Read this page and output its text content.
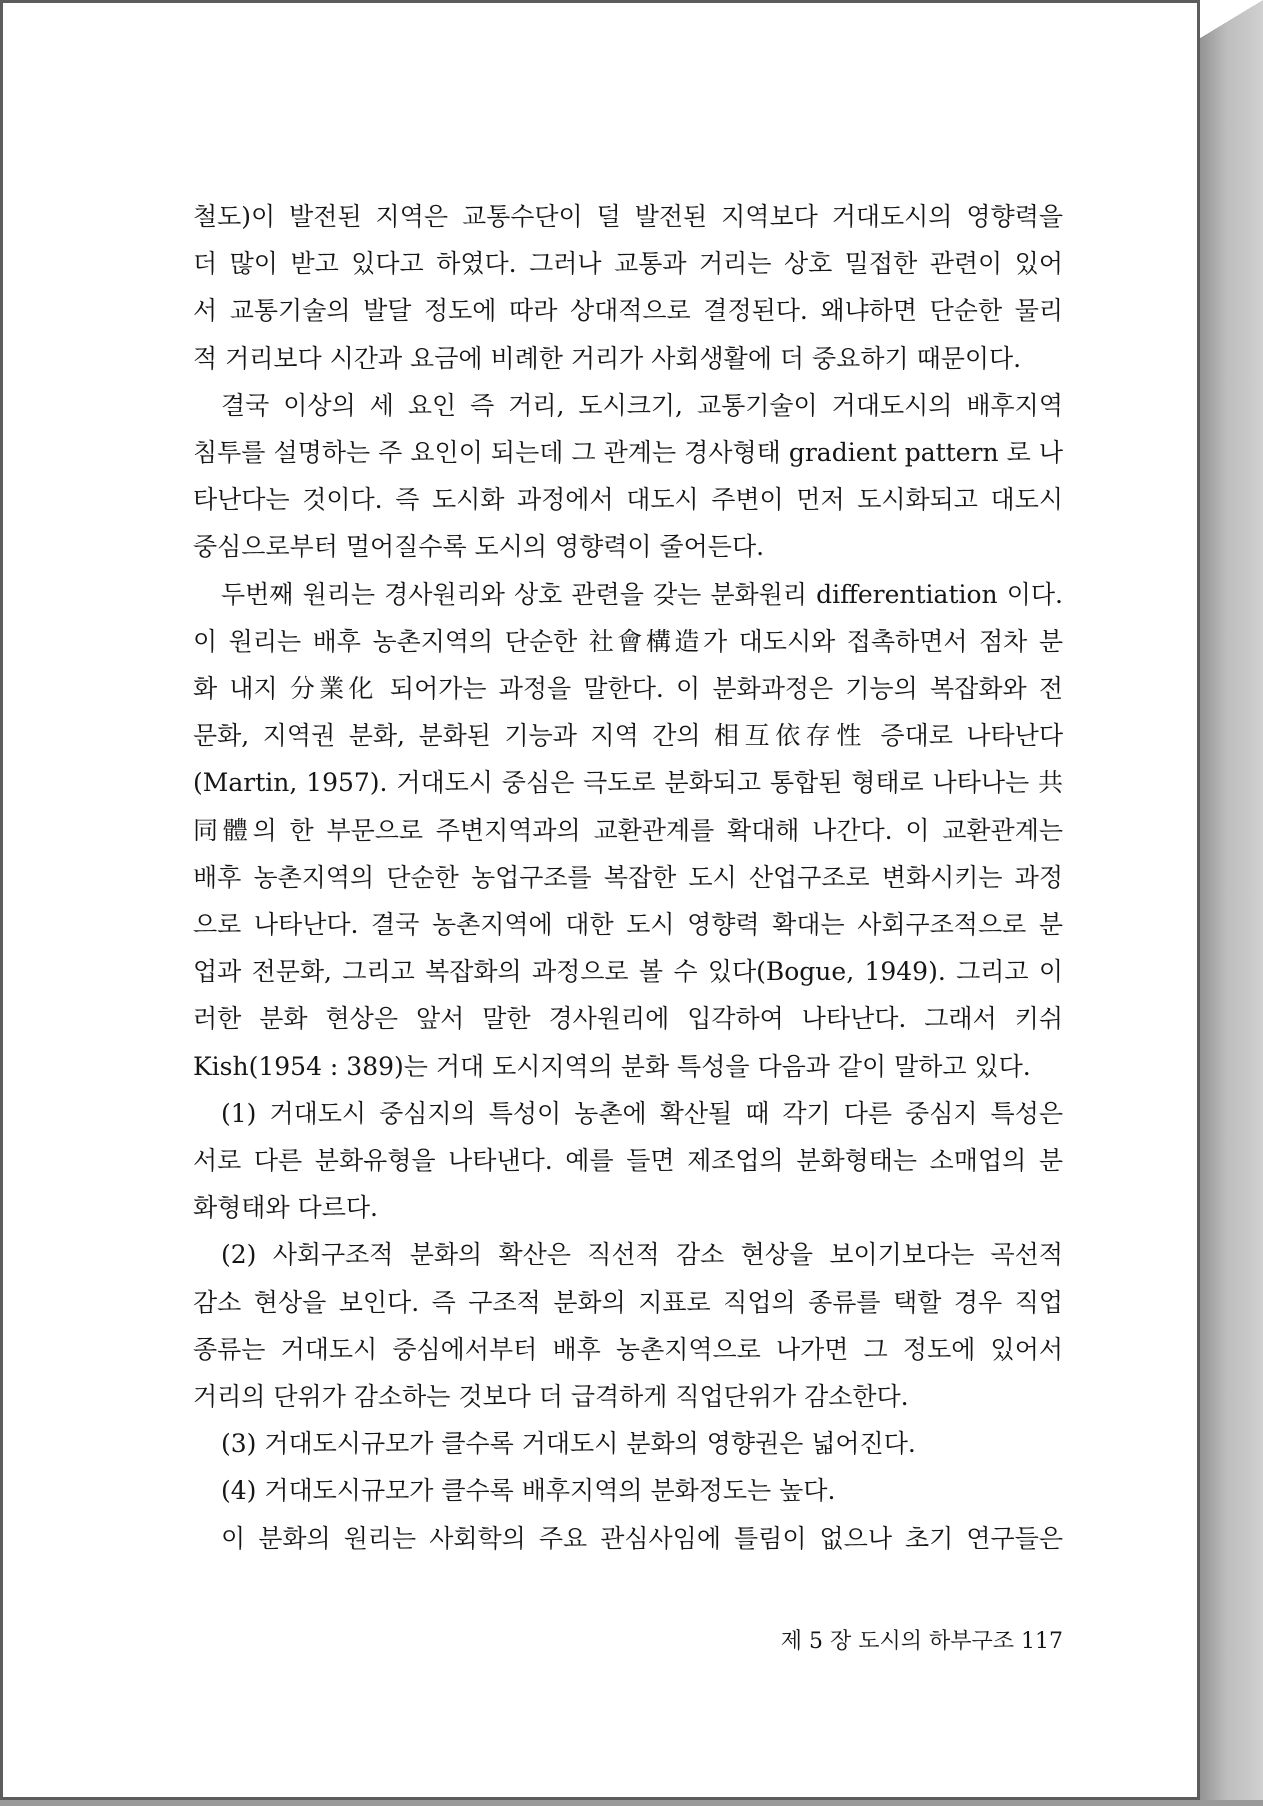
철도)이 발전된 지역은 교통수단이 덜 발전된 지역보다 거대도시의 영향력을
더 많이 받고 있다고 하였다. 그러나 교통과 거리는 상호 밀접한 관련이 있어
서 교통기술의 발달 정도에 따라 상대적으로 결정된다. 왜냐하면 단순한 물리
적 거리보다 시간과 요금에 비례한 거리가 사회생활에 더 중요하기 때문이다.
결국 이상의 세 요인 즉 거리, 도시크기, 교통기술이 거대도시의 배후지역
침투를 설명하는 주 요인이 되는데 그 관계는 경사형태 gradient pattern 로 나
타난다는 것이다. 즉 도시화 과정에서 대도시 주변이 먼저 도시화되고 대도시
중심으로부터 멀어질수록 도시의 영향력이 줄어든다.
두번째 원리는 경사원리와 상호 관련을 갖는 분화원리 differentiation 이다.
이 원리는 배후 농촌지역의 단순한 社會構造가 대도시와 접촉하면서 점차 분
화 내지 分業化 되어가는 과정을 말한다. 이 분화과정은 기능의 복잡화와 전
문화, 지역권 분화, 분화된 기능과 지역 간의 相互依存性 증대로 나타난다
(Martin, 1957). 거대도시 중심은 극도로 분화되고 통합된 형태로 나타나는 共
同體의 한 부문으로 주변지역과의 교환관계를 확대해 나간다. 이 교환관계는
배후 농촌지역의 단순한 농업구조를 복잡한 도시 산업구조로 변화시키는 과정
으로 나타난다. 결국 농촌지역에 대한 도시 영향력 확대는 사회구조적으로 분
업과 전문화, 그리고 복잡화의 과정으로 볼 수 있다(Bogue, 1949). 그리고 이
러한 분화 현상은 앞서 말한 경사원리에 입각하여 나타난다. 그래서 키쉬
Kish(1954 : 389)는 거대 도시지역의 분화 특성을 다음과 같이 말하고 있다.
(1) 거대도시 중심지의 특성이 농촌에 확산될 때 각기 다른 중심지 특성은
서로 다른 분화유형을 나타낸다. 예를 들면 제조업의 분화형태는 소매업의 분
화형태와 다르다.
(2) 사회구조적 분화의 확산은 직선적 감소 현상을 보이기보다는 곡선적
감소 현상을 보인다. 즉 구조적 분화의 지표로 직업의 종류를 택할 경우 직업
종류는 거대도시 중심에서부터 배후 농촌지역으로 나가면 그 정도에 있어서
거리의 단위가 감소하는 것보다 더 급격하게 직업단위가 감소한다.
(3) 거대도시규모가 클수록 거대도시 분화의 영향권은 넓어진다.
(4) 거대도시규모가 클수록 배후지역의 분화정도는 높다.
이 분화의 원리는 사회학의 주요 관심사임에 틀림이 없으나 초기 연구들은
제 5 장 도시의 하부구조 117
